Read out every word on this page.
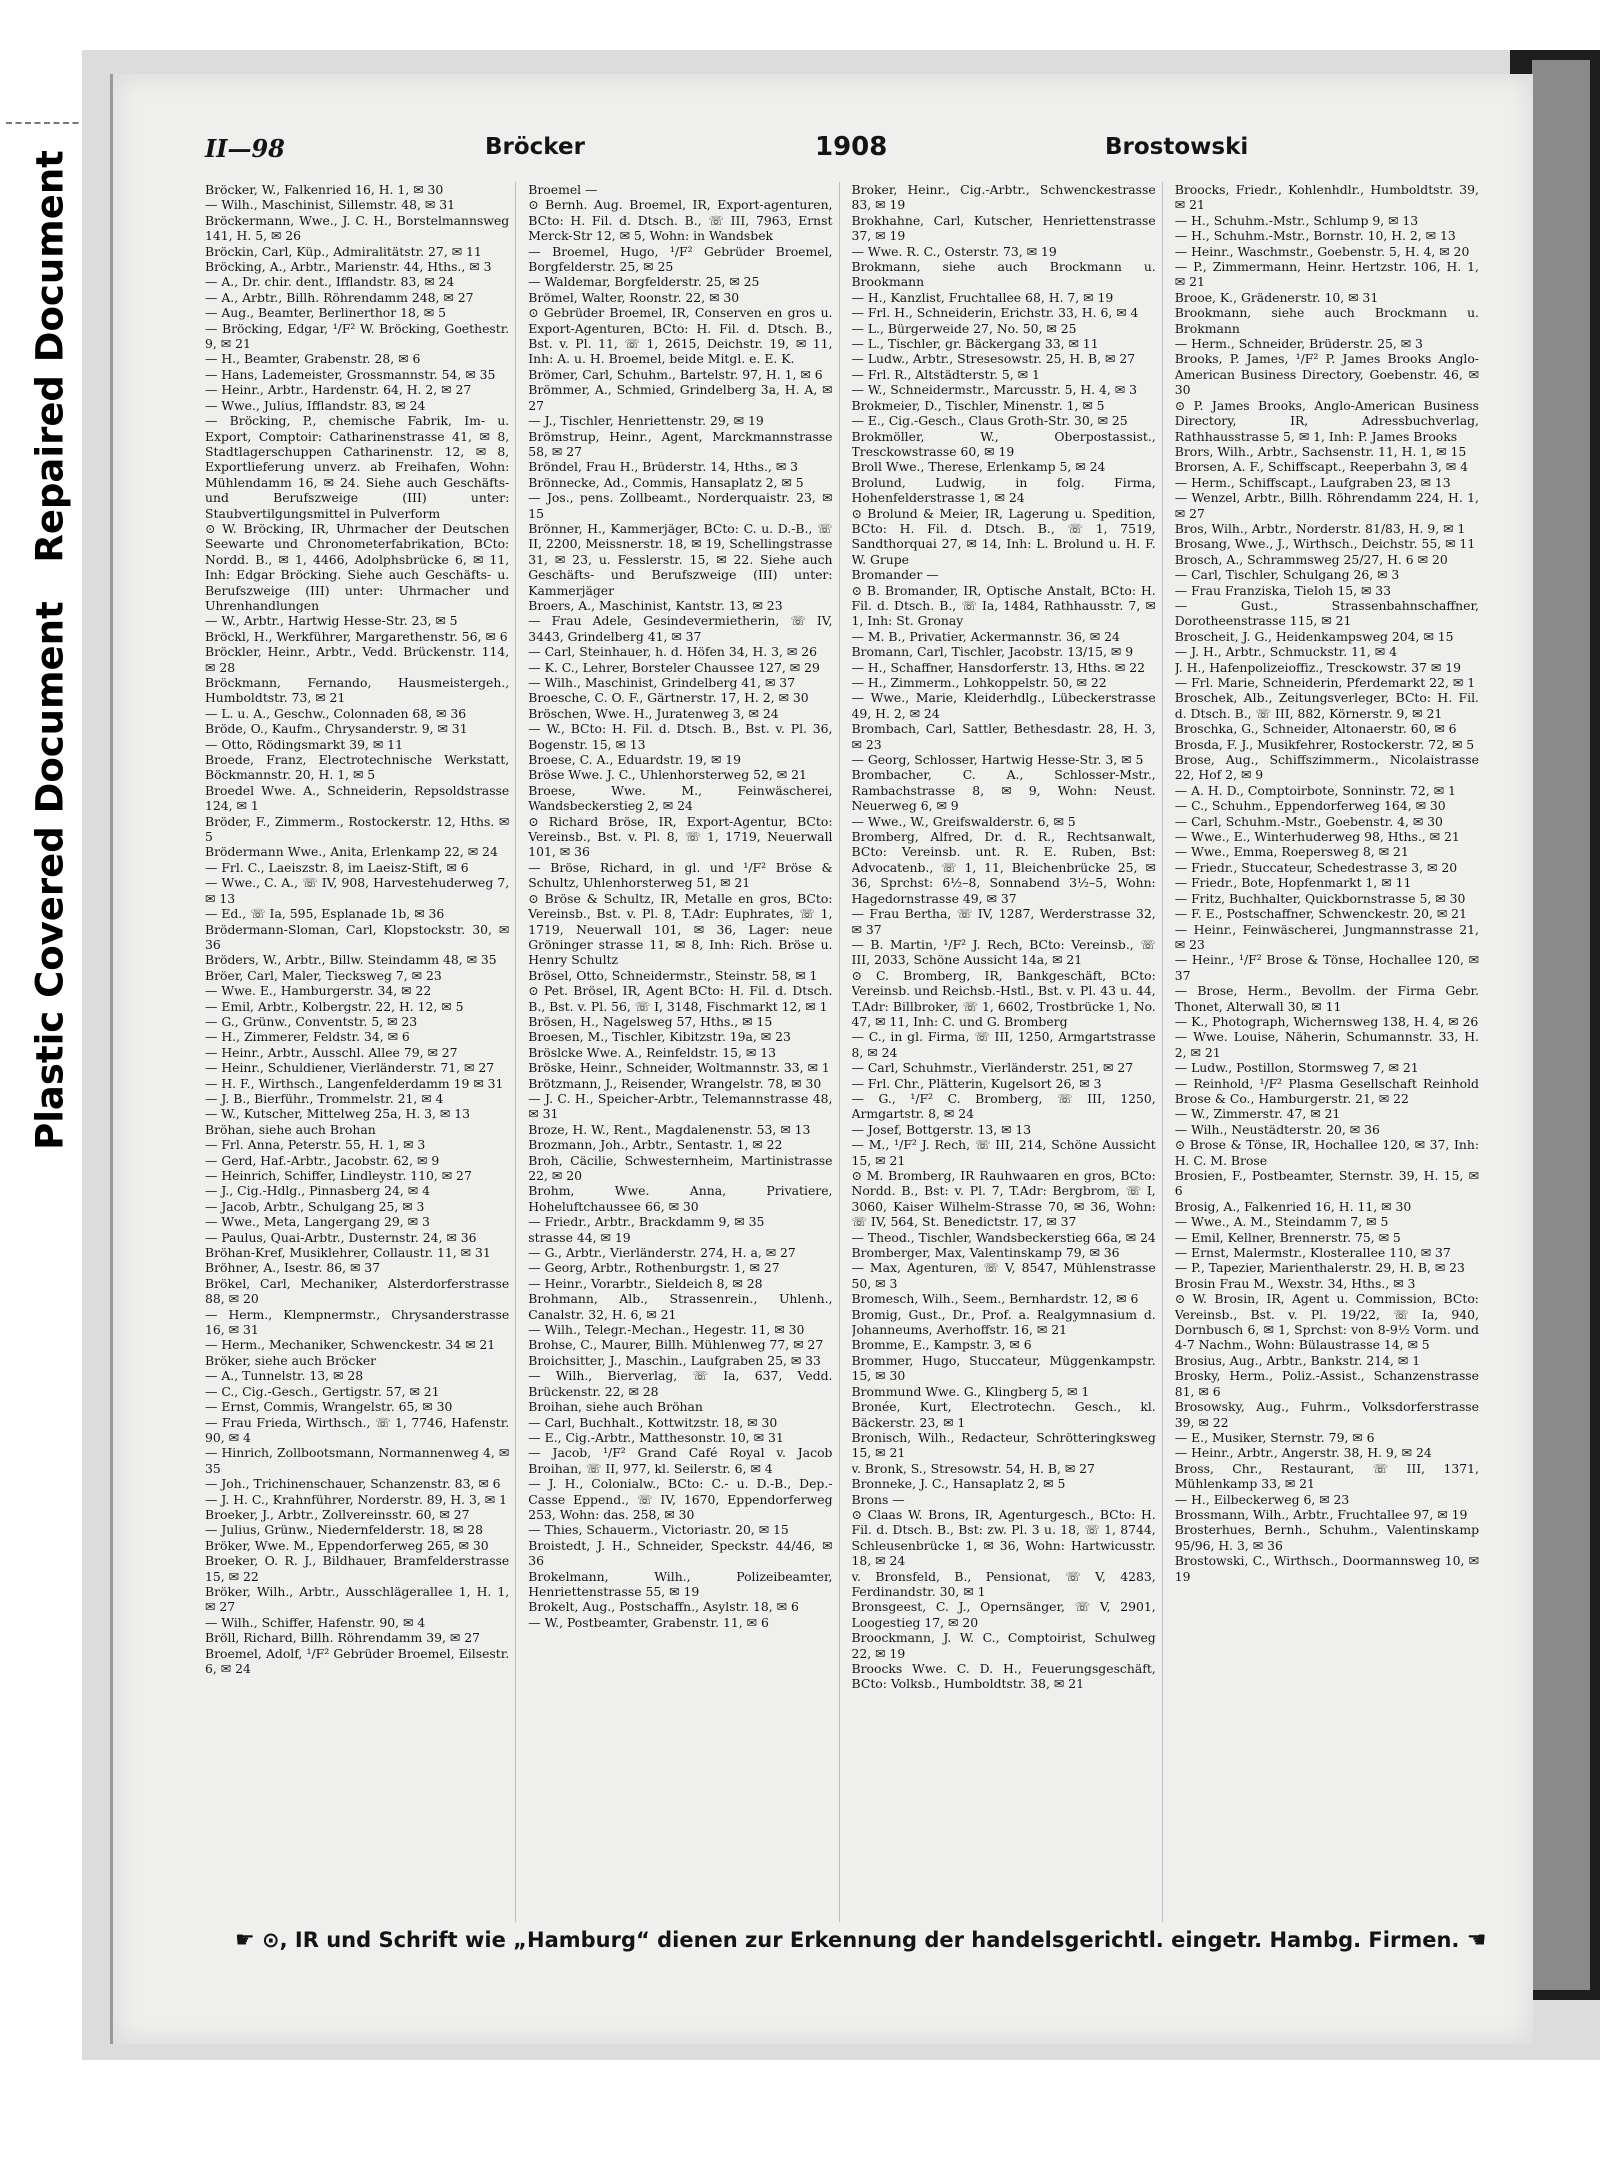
Plastic Covered Document   Repaired Document
II—98	Bröcker	1908	Brostowski

Bröcker, W., Falkenried 16, H. 1, ✉ 30

— Wilh., Maschinist, Sillemstr. 48, ✉ 31

Bröckermann, Wwe., J. C. H., Borstelmannsweg 141, H. 5, ✉ 26

Bröckin, Carl, Küp., Admiralitätstr. 27, ✉ 11

Bröcking, A., Arbtr., Marienstr. 44, Hths., ✉ 3

— A., Dr. chir. dent., Ifflandstr. 83, ✉ 24

— A., Arbtr., Billh. Röhrendamm 248, ✉ 27

— Aug., Beamter, Berlinerthor 18, ✉ 5

— Bröcking, Edgar, ¹/F² W. Bröcking, Goethestr. 9, ✉ 21

— H., Beamter, Grabenstr. 28, ✉ 6

— Hans, Lademeister, Grossmannstr. 54, ✉ 35

— Heinr., Arbtr., Hardenstr. 64, H. 2, ✉ 27

— Wwe., Julius, Ifflandstr. 83, ✉ 24

— Bröcking, P., chemische Fabrik, Im- u. Export, Comptoir: Catharinenstrasse 41, ✉ 8, Stadtlagerschuppen Catharinenstr. 12, ✉ 8, Exportlieferung unverz. ab Freihafen, Wohn: Mühlendamm 16, ✉ 24. Siehe auch Geschäfts- und Berufszweige (III) unter: Staubvertilgungsmittel in Pulverform

⊙ W. Bröcking, IR, Uhrmacher der Deutschen Seewarte und Chronometerfabrikation, BCto: Nordd. B., ✉ 1, 4466, Adolphsbrücke 6, ✉ 11, Inh: Edgar Bröcking. Siehe auch Geschäfts- u. Berufszweige (III) unter: Uhrmacher und Uhrenhandlungen

— W., Arbtr., Hartwig Hesse-Str. 23, ✉ 5

Bröckl, H., Werkführer, Margarethenstr. 56, ✉ 6

Bröckler, Heinr., Arbtr., Vedd. Brückenstr. 114, ✉ 28

Bröckmann, Fernando, Hausmeistergeh., Humboldtstr. 73, ✉ 21

— L. u. A., Geschw., Colonnaden 68, ✉ 36

Bröde, O., Kaufm., Chrysanderstr. 9, ✉ 31

— Otto, Rödingsmarkt 39, ✉ 11

Broede, Franz, Electrotechnische Werkstatt, Böckmannstr. 20, H. 1, ✉ 5

Broedel Wwe. A., Schneiderin, Repsoldstrasse 124, ✉ 1

Bröder, F., Zimmerm., Rostockerstr. 12, Hths. ✉ 5

Brödermann Wwe., Anita, Erlenkamp 22, ✉ 24

— Frl. C., Laeiszstr. 8, im Laeisz-Stift, ✉ 6

— Wwe., C. A., ☏ IV, 908, Harvestehuderweg 7, ✉ 13

— Ed., ☏ Ia, 595, Esplanade 1b, ✉ 36

Brödermann-Sloman, Carl, Klopstockstr. 30, ✉ 36

Bröders, W., Arbtr., Billw. Steindamm 48, ✉ 35

Bröer, Carl, Maler, Tiecksweg 7, ✉ 23

— Wwe. E., Hamburgerstr. 34, ✉ 22

— Emil, Arbtr., Kolbergstr. 22, H. 12, ✉ 5

— G., Grünw., Conventstr. 5, ✉ 23

— H., Zimmerer, Feldstr. 34, ✉ 6

— Heinr., Arbtr., Ausschl. Allee 79, ✉ 27

— Heinr., Schuldiener, Vierländerstr. 71, ✉ 27

— H. F., Wirthsch., Langenfelderdamm 19 ✉ 31

— J. B., Bierführ., Trommelstr. 21, ✉ 4

— W., Kutscher, Mittelweg 25a, H. 3, ✉ 13

Bröhan, siehe auch Brohan

— Frl. Anna, Peterstr. 55, H. 1, ✉ 3

— Gerd, Haf.-Arbtr., Jacobstr. 62, ✉ 9

— Heinrich, Schiffer, Lindleystr. 110, ✉ 27

— J., Cig.-Hdlg., Pinnasberg 24, ✉ 4

— Jacob, Arbtr., Schulgang 25, ✉ 3

— Wwe., Meta, Langergang 29, ✉ 3

— Paulus, Quai-Arbtr., Dusternstr. 24, ✉ 36

Bröhan-Kref, Musiklehrer, Collaustr. 11, ✉ 31

Bröhner, A., Isestr. 86, ✉ 37

Brökel, Carl, Mechaniker, Alsterdorferstrasse 88, ✉ 20

— Herm., Klempnermstr., Chrysanderstrasse 16, ✉ 31

— Herm., Mechaniker, Schwenckestr. 34 ✉ 21

Bröker, siehe auch Bröcker

— A., Tunnelstr. 13, ✉ 28

— C., Cig.-Gesch., Gertigstr. 57, ✉ 21

— Ernst, Commis, Wrangelstr. 65, ✉ 30

— Frau Frieda, Wirthsch., ☏ 1, 7746, Hafenstr. 90, ✉ 4

— Hinrich, Zollbootsmann, Normannenweg 4, ✉ 35

— Joh., Trichinenschauer, Schanzenstr. 83, ✉ 6

— J. H. C., Krahnführer, Norderstr. 89, H. 3, ✉ 1

Broeker, J., Arbtr., Zollvereinsstr. 60, ✉ 27

— Julius, Grünw., Niedernfelderstr. 18, ✉ 28

Bröker, Wwe. M., Eppendorferweg 265, ✉ 30

Broeker, O. R. J., Bildhauer, Bramfelderstrasse 15, ✉ 22

Bröker, Wilh., Arbtr., Ausschlägerallee 1, H. 1, ✉ 27

— Wilh., Schiffer, Hafenstr. 90, ✉ 4

Bröll, Richard, Billh. Röhrendamm 39, ✉ 27

Broemel, Adolf, ¹/F² Gebrüder Broemel, Eilsestr. 6, ✉ 24

Broemel —

⊙ Bernh. Aug. Broemel, IR, Export-agenturen, BCto: H. Fil. d. Dtsch. B., ☏ III, 7963, Ernst Merck-Str 12, ✉ 5, Wohn: in Wandsbek

— Broemel, Hugo, ¹/F² Gebrüder Broemel, Borgfelderstr. 25, ✉ 25

— Waldemar, Borgfelderstr. 25, ✉ 25

Brömel, Walter, Roonstr. 22, ✉ 30

⊙ Gebrüder Broemel, IR, Conserven en gros u. Export-Agenturen, BCto: H. Fil. d. Dtsch. B., Bst. v. Pl. 11, ☏ 1, 2615, Deichstr. 19, ✉ 11, Inh: A. u. H. Broemel, beide Mitgl. e. E. K.

Brömer, Carl, Schuhm., Bartelstr. 97, H. 1, ✉ 6

Brömmer, A., Schmied, Grindelberg 3a, H. A, ✉ 27

— J., Tischler, Henriettenstr. 29, ✉ 19

Brömstrup, Heinr., Agent, Marckmannstrasse 58, ✉ 27

Bröndel, Frau H., Brüderstr. 14, Hths., ✉ 3

Brönnecke, Ad., Commis, Hansaplatz 2, ✉ 5

— Jos., pens. Zollbeamt., Norderquaistr. 23, ✉ 15

Brönner, H., Kammerjäger, BCto: C. u. D.-B., ☏ II, 2200, Meissnerstr. 18, ✉ 19, Schellingstrasse 31, ✉ 23, u. Fesslerstr. 15, ✉ 22. Siehe auch Geschäfts- und Berufszweige (III) unter: Kammerjäger

Broers, A., Maschinist, Kantstr. 13, ✉ 23

— Frau Adele, Gesindevermietherin, ☏ IV, 3443, Grindelberg 41, ✉ 37

— Carl, Steinhauer, h. d. Höfen 34, H. 3, ✉ 26

— K. C., Lehrer, Borsteler Chaussee 127, ✉ 29

— Wilh., Maschinist, Grindelberg 41, ✉ 37

Broesche, C. O. F., Gärtnerstr. 17, H. 2, ✉ 30

Bröschen, Wwe. H., Juratenweg 3, ✉ 24

— W., BCto: H. Fil. d. Dtsch. B., Bst. v. Pl. 36, Bogenstr. 15, ✉ 13

Broese, C. A., Eduardstr. 19, ✉ 19

Bröse Wwe. J. C., Uhlenhorsterweg 52, ✉ 21

Broese, Wwe. M., Feinwäscherei, Wandsbeckerstieg 2, ✉ 24

⊙ Richard Bröse, IR, Export-Agentur, BCto: Vereinsb., Bst. v. Pl. 8, ☏ 1, 1719, Neuerwall 101, ✉ 36

— Bröse, Richard, in gl. und ¹/F² Bröse & Schultz, Uhlenhorsterweg 51, ✉ 21

⊙ Bröse & Schultz, IR, Metalle en gros, BCto: Vereinsb., Bst. v. Pl. 8, T.Adr: Euphrates, ☏ 1, 1719, Neuerwall 101, ✉ 36, Lager: neue Gröninger strasse 11, ✉ 8, Inh: Rich. Bröse u. Henry Schultz

Brösel, Otto, Schneidermstr., Steinstr. 58, ✉ 1

⊙ Pet. Brösel, IR, Agent BCto: H. Fil. d. Dtsch. B., Bst. v. Pl. 56, ☏ I, 3148, Fischmarkt 12, ✉ 1

Brösen, H., Nagelsweg 57, Hths., ✉ 15

Broesen, M., Tischler, Kibitzstr. 19a, ✉ 23

Bröslcke Wwe. A., Reinfeldstr. 15, ✉ 13

Bröske, Heinr., Schneider, Woltmannstr. 33, ✉ 1

Brötzmann, J., Reisender, Wrangelstr. 78, ✉ 30

— J. C. H., Speicher-Arbtr., Telemannstrasse 48, ✉ 31

Broze, H. W., Rent., Magdalenenstr. 53, ✉ 13

Brozmann, Joh., Arbtr., Sentastr. 1, ✉ 22

Broh, Cäcilie, Schwesternheim, Martinistrasse 22, ✉ 20

Brohm, Wwe. Anna, Privatiere, Hoheluftchaussee 66, ✉ 30

— Friedr., Arbtr., Brackdamm 9, ✉ 35

strasse 44, ✉ 19

— G., Arbtr., Vierländerstr. 274, H. a, ✉ 27

— Georg, Arbtr., Rothenburgstr. 1, ✉ 27

— Heinr., Vorarbtr., Sieldeich 8, ✉ 28

Brohmann, Alb., Strassenrein., Uhlenh., Canalstr. 32, H. 6, ✉ 21

— Wilh., Telegr.-Mechan., Hegestr. 11, ✉ 30

Brohse, C., Maurer, Billh. Mühlenweg 77, ✉ 27

Broichsitter, J., Maschin., Laufgraben 25, ✉ 33

— Wilh., Bierverlag, ☏ Ia, 637, Vedd. Brückenstr. 22, ✉ 28

Broihan, siehe auch Bröhan

— Carl, Buchhalt., Kottwitzstr. 18, ✉ 30

— E., Cig.-Arbtr., Matthesonstr. 10, ✉ 31

— Jacob, ¹/F² Grand Café Royal v. Jacob Broihan, ☏ II, 977, kl. Seilerstr. 6, ✉ 4

— J. H., Colonialw., BCto: C.- u. D.-B., Dep.-Casse Eppend., ☏ IV, 1670, Eppendorferweg 253, Wohn: das. 258, ✉ 30

— Thies, Schauerm., Victoriastr. 20, ✉ 15

Broistedt, J. H., Schneider, Speckstr. 44/46, ✉ 36

Brokelmann, Wilh., Polizeibeamter, Henriettenstrasse 55, ✉ 19

Brokelt, Aug., Postschaffn., Asylstr. 18, ✉ 6

— W., Postbeamter, Grabenstr. 11, ✉ 6

Broker, Heinr., Cig.-Arbtr., Schwenckestrasse 83, ✉ 19

Brokhahne, Carl, Kutscher, Henriettenstrasse 37, ✉ 19

— Wwe. R. C., Osterstr. 73, ✉ 19

Brokmann, siehe auch Brockmann u. Brookmann

— H., Kanzlist, Fruchtallee 68, H. 7, ✉ 19

— Frl. H., Schneiderin, Erichstr. 33, H. 6, ✉ 4

— L., Bürgerweide 27, No. 50, ✉ 25

— L., Tischler, gr. Bäckergang 33, ✉ 11

— Ludw., Arbtr., Stresesowstr. 25, H. B, ✉ 27

— Frl. R., Altstädterstr. 5, ✉ 1

— W., Schneidermstr., Marcusstr. 5, H. 4, ✉ 3

Brokmeier, D., Tischler, Minenstr. 1, ✉ 5

— E., Cig.-Gesch., Claus Groth-Str. 30, ✉ 25

Brokmöller, W., Oberpostassist., Tresckowstrasse 60, ✉ 19

Broll Wwe., Therese, Erlenkamp 5, ✉ 24

Brolund, Ludwig, in folg. Firma, Hohenfelderstrasse 1, ✉ 24

⊙ Brolund & Meier, IR, Lagerung u. Spedition, BCto: H. Fil. d. Dtsch. B., ☏ 1, 7519, Sandthorquai 27, ✉ 14, Inh: L. Brolund u. H. F. W. Grupe

Bromander —

⊙ B. Bromander, IR, Optische Anstalt, BCto: H. Fil. d. Dtsch. B., ☏ Ia, 1484, Rathhausstr. 7, ✉ 1, Inh: St. Gronay

— M. B., Privatier, Ackermannstr. 36, ✉ 24

Bromann, Carl, Tischler, Jacobstr. 13/15, ✉ 9

— H., Schaffner, Hansdorferstr. 13, Hths. ✉ 22

— H., Zimmerm., Lohkoppelstr. 50, ✉ 22

— Wwe., Marie, Kleiderhdlg., Lübeckerstrasse 49, H. 2, ✉ 24

Brombach, Carl, Sattler, Bethesdastr. 28, H. 3, ✉ 23

— Georg, Schlosser, Hartwig Hesse-Str. 3, ✉ 5

Brombacher, C. A., Schlosser-Mstr., Rambachstrasse 8, ✉ 9, Wohn: Neust. Neuerweg 6, ✉ 9

— Wwe., W., Greifswalderstr. 6, ✉ 5

Bromberg, Alfred, Dr. d. R., Rechtsanwalt, BCto: Vereinsb. unt. R. E. Ruben, Bst: Advocatenb., ☏ 1, 11, Bleichenbrücke 25, ✉ 36, Sprchst: 6½–8, Sonnabend 3½–5, Wohn: Hagedornstrasse 49, ✉ 37

— Frau Bertha, ☏ IV, 1287, Werderstrasse 32, ✉ 37

— B. Martin, ¹/F² J. Rech, BCto: Vereinsb., ☏ III, 2033, Schöne Aussicht 14a, ✉ 21

⊙ C. Bromberg, IR, Bankgeschäft, BCto: Vereinsb. und Reichsb.-Hstl., Bst. v. Pl. 43 u. 44, T.Adr: Billbroker, ☏ 1, 6602, Trostbrücke 1, No. 47, ✉ 11, Inh: C. und G. Bromberg

— C., in gl. Firma, ☏ III, 1250, Armgartstrasse 8, ✉ 24

— Carl, Schuhmstr., Vierländerstr. 251, ✉ 27

— Frl. Chr., Plätterin, Kugelsort 26, ✉ 3

— G., ¹/F² C. Bromberg, ☏ III, 1250, Armgartstr. 8, ✉ 24

— Josef, Bottgerstr. 13, ✉ 13

— M., ¹/F² J. Rech, ☏ III, 214, Schöne Aussicht 15, ✉ 21

⊙ M. Bromberg, IR Rauhwaaren en gros, BCto: Nordd. B., Bst: v. Pl. 7, T.Adr: Bergbrom, ☏ I, 3060, Kaiser Wilhelm-Strasse 70, ✉ 36, Wohn: ☏ IV, 564, St. Benedictstr. 17, ✉ 37

— Theod., Tischler, Wandsbeckerstieg 66a, ✉ 24

Bromberger, Max, Valentinskamp 79, ✉ 36

— Max, Agenturen, ☏ V, 8547, Mühlenstrasse 50, ✉ 3

Bromesch, Wilh., Seem., Bernhardstr. 12, ✉ 6

Bromig, Gust., Dr., Prof. a. Realgymnasium d. Johanneums, Averhoffstr. 16, ✉ 21

Bromme, E., Kampstr. 3, ✉ 6

Brommer, Hugo, Stuccateur, Müggenkampstr. 15, ✉ 30

Brommund Wwe. G., Klingberg 5, ✉ 1

Bronée, Kurt, Electrotechn. Gesch., kl. Bäckerstr. 23, ✉ 1

Bronisch, Wilh., Redacteur, Schrötteringksweg 15, ✉ 21

v. Bronk, S., Stresowstr. 54, H. B, ✉ 27

Bronneke, J. C., Hansaplatz 2, ✉ 5

Brons —

⊙ Claas W. Brons, IR, Agenturgesch., BCto: H. Fil. d. Dtsch. B., Bst: zw. Pl. 3 u. 18, ☏ 1, 8744, Schleusenbrücke 1, ✉ 36, Wohn: Hartwicusstr. 18, ✉ 24

v. Bronsfeld, B., Pensionat, ☏ V, 4283, Ferdinandstr. 30, ✉ 1

Bronsgeest, C. J., Opernsänger, ☏ V, 2901, Loogestieg 17, ✉ 20

Broockmann, J. W. C., Comptoirist, Schulweg 22, ✉ 19

Broocks Wwe. C. D. H., Feuerungsgeschäft, BCto: Volksb., Humboldtstr. 38, ✉ 21

Broocks, Friedr., Kohlenhdlr., Humboldtstr. 39, ✉ 21

— H., Schuhm.-Mstr., Schlump 9, ✉ 13

— H., Schuhm.-Mstr., Bornstr. 10, H. 2, ✉ 13

— Heinr., Waschmstr., Goebenstr. 5, H. 4, ✉ 20

— P., Zimmermann, Heinr. Hertzstr. 106, H. 1, ✉ 21

Brooe, K., Grädenerstr. 10, ✉ 31

Brookmann, siehe auch Brockmann u. Brokmann

— Herm., Schneider, Brüderstr. 25, ✉ 3

Brooks, P. James, ¹/F² P. James Brooks Anglo-American Business Directory, Goebenstr. 46, ✉ 30

⊙ P. James Brooks, Anglo-American Business Directory, IR, Adressbuchverlag, Rathhausstrasse 5, ✉ 1, Inh: P. James Brooks

Brors, Wilh., Arbtr., Sachsenstr. 11, H. 1, ✉ 15

Brorsen, A. F., Schiffscapt., Reeperbahn 3, ✉ 4

— Herm., Schiffscapt., Laufgraben 23, ✉ 13

— Wenzel, Arbtr., Billh. Röhrendamm 224, H. 1, ✉ 27

Bros, Wilh., Arbtr., Norderstr. 81/83, H. 9, ✉ 1

Brosang, Wwe., J., Wirthsch., Deichstr. 55, ✉ 11

Brosch, A., Schrammsweg 25/27, H. 6 ✉ 20

— Carl, Tischler, Schulgang 26, ✉ 3

— Frau Franziska, Tieloh 15, ✉ 33

— Gust., Strassenbahnschaffner, Dorotheenstrasse 115, ✉ 21

Broscheit, J. G., Heidenkampsweg 204, ✉ 15

— J. H., Arbtr., Schmuckstr. 11, ✉ 4

J. H., Hafenpolizeioffiz., Tresckowstr. 37 ✉ 19

— Frl. Marie, Schneiderin, Pferdemarkt 22, ✉ 1

Broschek, Alb., Zeitungsverleger, BCto: H. Fil. d. Dtsch. B., ☏ III, 882, Körnerstr. 9, ✉ 21

Broschka, G., Schneider, Altonaerstr. 60, ✉ 6

Brosda, F. J., Musikfehrer, Rostockerstr. 72, ✉ 5

Brose, Aug., Schiffszimmerm., Nicolaistrasse 22, Hof 2, ✉ 9

— A. H. D., Comptoirbote, Sonninstr. 72, ✉ 1

— C., Schuhm., Eppendorferweg 164, ✉ 30

— Carl, Schuhm.-Mstr., Goebenstr. 4, ✉ 30

— Wwe., E., Winterhuderweg 98, Hths., ✉ 21

— Wwe., Emma, Roepersweg 8, ✉ 21

— Friedr., Stuccateur, Schedestrasse 3, ✉ 20

— Friedr., Bote, Hopfenmarkt 1, ✉ 11

— Fritz, Buchhalter, Quickbornstrasse 5, ✉ 30

— F. E., Postschaffner, Schwenckestr. 20, ✉ 21

— Heinr., Feinwäscherei, Jungmannstrasse 21, ✉ 23

— Heinr., ¹/F² Brose & Tönse, Hochallee 120, ✉ 37

— Brose, Herm., Bevollm. der Firma Gebr. Thonet, Alterwall 30, ✉ 11

— K., Photograph, Wichernsweg 138, H. 4, ✉ 26

— Wwe. Louise, Näherin, Schumannstr. 33, H. 2, ✉ 21

— Ludw., Postillon, Stormsweg 7, ✉ 21

— Reinhold, ¹/F² Plasma Gesellschaft Reinhold Brose & Co., Hamburgerstr. 21, ✉ 22

— W., Zimmerstr. 47, ✉ 21

— Wilh., Neustädterstr. 20, ✉ 36

⊙ Brose & Tönse, IR, Hochallee 120, ✉ 37, Inh: H. C. M. Brose

Brosien, F., Postbeamter, Sternstr. 39, H. 15, ✉ 6

Brosig, A., Falkenried 16, H. 11, ✉ 30

— Wwe., A. M., Steindamm 7, ✉ 5

— Emil, Kellner, Brennerstr. 75, ✉ 5

— Ernst, Malermstr., Klosterallee 110, ✉ 37

— P., Tapezier, Marienthalerstr. 29, H. B, ✉ 23

Brosin Frau M., Wexstr. 34, Hths., ✉ 3

⊙ W. Brosin, IR, Agent u. Commission, BCto: Vereinsb., Bst. v. Pl. 19/22, ☏ Ia, 940, Dornbusch 6, ✉ 1, Sprchst: von 8-9½ Vorm. und 4-7 Nachm., Wohn: Bülaustrasse 14, ✉ 5

Brosius, Aug., Arbtr., Bankstr. 214, ✉ 1

Brosky, Herm., Poliz.-Assist., Schanzenstrasse 81, ✉ 6

Brosowsky, Aug., Fuhrm., Volksdorferstrasse 39, ✉ 22

— E., Musiker, Sternstr. 79, ✉ 6

— Heinr., Arbtr., Angerstr. 38, H. 9, ✉ 24

Bross, Chr., Restaurant, ☏ III, 1371, Mühlenkamp 33, ✉ 21

— H., Eilbeckerweg 6, ✉ 23

Brossmann, Wilh., Arbtr., Fruchtallee 97, ✉ 19

Brosterhues, Bernh., Schuhm., Valentinskamp 95/96, H. 3, ✉ 36

Brostowski, C., Wirthsch., Doormannsweg 10, ✉ 19

☛ ⊙, IR und Schrift wie „Hamburg“ dienen zur Erkennung der handelsgerichtl. eingetr. Hambg. Firmen. ☚
